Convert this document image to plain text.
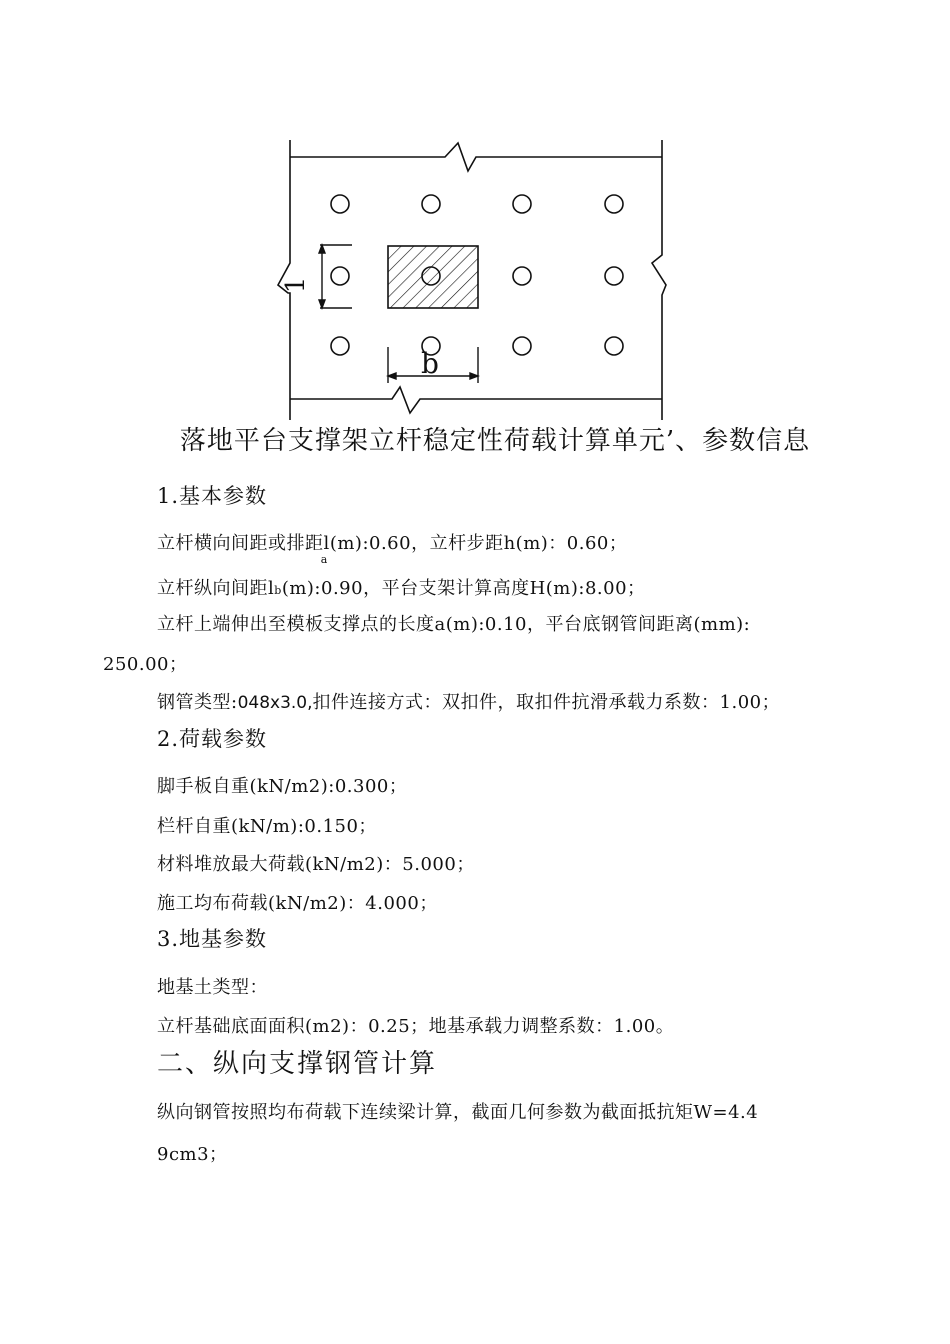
1
b
落地平台支撑架立杆稳定性荷载计算单元’、参数信息
1.基本参数
立杆横向间距或排距$l_a(m):0.60$，立杆步距h(m)：0.60；
立杆纵向间距lb(m):0.90，平台支架计算高度H(m):8.00；
立杆上端伸出至模板支撑点的长度a(m):0.10，平台底钢管间距离(mm):
250.00；
钢管类型:048x3.0,扣件连接方式：双扣件，取扣件抗滑承载力系数：1.00；
2.荷载参数
脚手板自重(kN/m2):0.300；
栏杆自重(kN/m):0.150；
材料堆放最大荷载(kN/m2)：5.000；
施工均布荷载(kN/m2)：4.000；
3.地基参数
地基土类型：
立杆基础底面面积(m2)：0.25；地基承载力调整系数：1.00。
二、纵向支撑钢管计算
纵向钢管按照均布荷载下连续梁计算，截面几何参数为截面抵抗矩W=4.4
9cm3；
